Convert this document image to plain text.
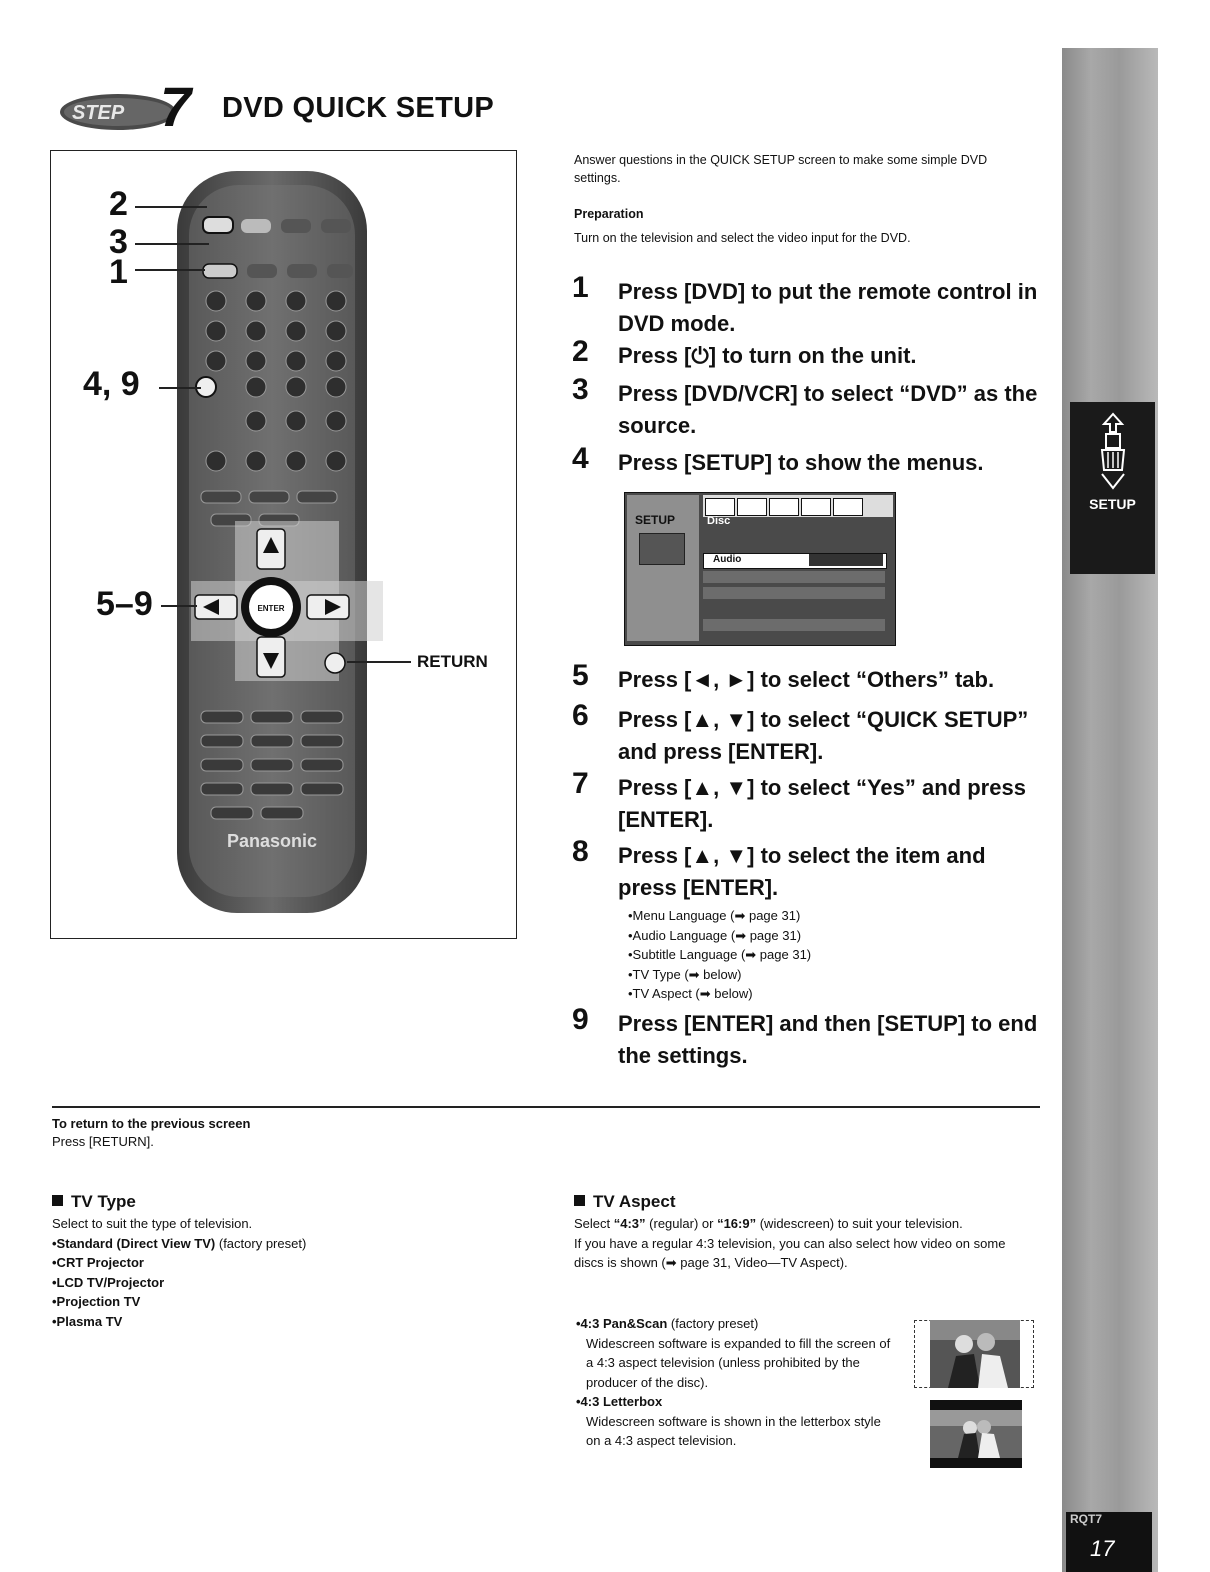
SETUP
RQT7
17
STEP 7 DVD QUICK SETUP
ENTER
Panasonic
2
3
1
4, 9
5–9
RETURN
Answer questions in the QUICK SETUP screen to make some simple DVD settings.
Preparation
Turn on the television and select the video input for the DVD.
1 Press [DVD] to put the remote control in DVD mode.
2 Press [⏻] to turn on the unit.
3 Press [DVD/VCR] to select “DVD” as the source.
4 Press [SETUP] to show the menus.
SETUP	Disc
Audio
5 Press [◄, ►] to select “Others” tab.
6 Press [▲, ▼] to select “QUICK SETUP” and press [ENTER].
7 Press [▲, ▼] to select “Yes” and press [ENTER].
8 Press [▲, ▼] to select the item and press [ENTER].
•Menu Language (➡ page 31)
•Audio Language (➡ page 31)
•Subtitle Language (➡ page 31)
•TV Type (➡ below)
•TV Aspect (➡ below)
9 Press [ENTER] and then [SETUP] to end the settings.
To return to the previous screen
Press [RETURN].
TV Type
Select to suit the type of television.
•Standard (Direct View TV) (factory preset)
•CRT Projector
•LCD TV/Projector
•Projection TV
•Plasma TV
TV Aspect
Select “4:3” (regular) or “16:9” (widescreen) to suit your television.
If you have a regular 4:3 television, you can also select how video on some discs is shown (➡ page 31, Video—TV Aspect).
•4:3 Pan&Scan (factory preset)
Widescreen software is expanded to fill the screen of a 4:3 aspect television (unless prohibited by the producer of the disc).
•4:3 Letterbox
Widescreen software is shown in the letterbox style on a 4:3 aspect television.
